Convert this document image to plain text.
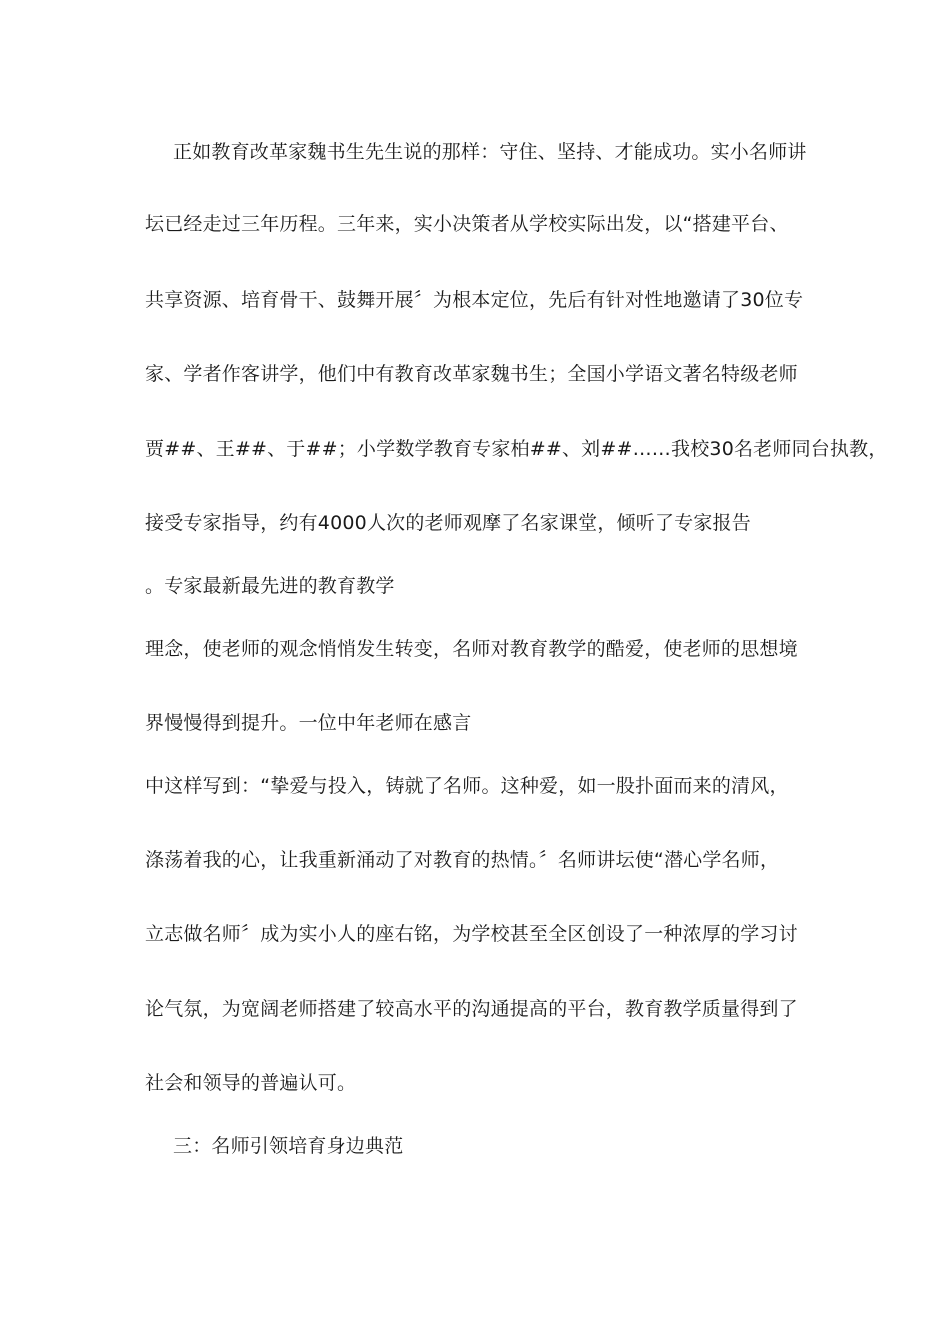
正如教育改革家魏书生先生说的那样：守住、坚持、才能成功。实小名师讲
坛已经走过三年历程。三年来，实小决策者从学校实际出发，以“搭建平台、
共享资源、培育骨干、鼓舞开展〞为根本定位，先后有针对性地邀请了30位专
家、学者作客讲学，他们中有教育改革家魏书生；全国小学语文著名特级老师
贾##、王##、于##；小学数学教育专家柏##、刘##……我校30名老师同台执教，
接受专家指导，约有4000人次的老师观摩了名家课堂，倾听了专家报告
。专家最新最先进的教育教学
理念，使老师的观念悄悄发生转变，名师对教育教学的酷爱，使老师的思想境
界慢慢得到提升。一位中年老师在感言
中这样写到：“挚爱与投入，铸就了名师。这种爱，如一股扑面而来的清风，
涤荡着我的心，让我重新涌动了对教育的热情。〞名师讲坛使“潜心学名师，
立志做名师〞成为实小人的座右铭，为学校甚至全区创设了一种浓厚的学习讨
论气氛，为宽阔老师搭建了较高水平的沟通提高的平台，教育教学质量得到了
社会和领导的普遍认可。
三：名师引领培育身边典范
